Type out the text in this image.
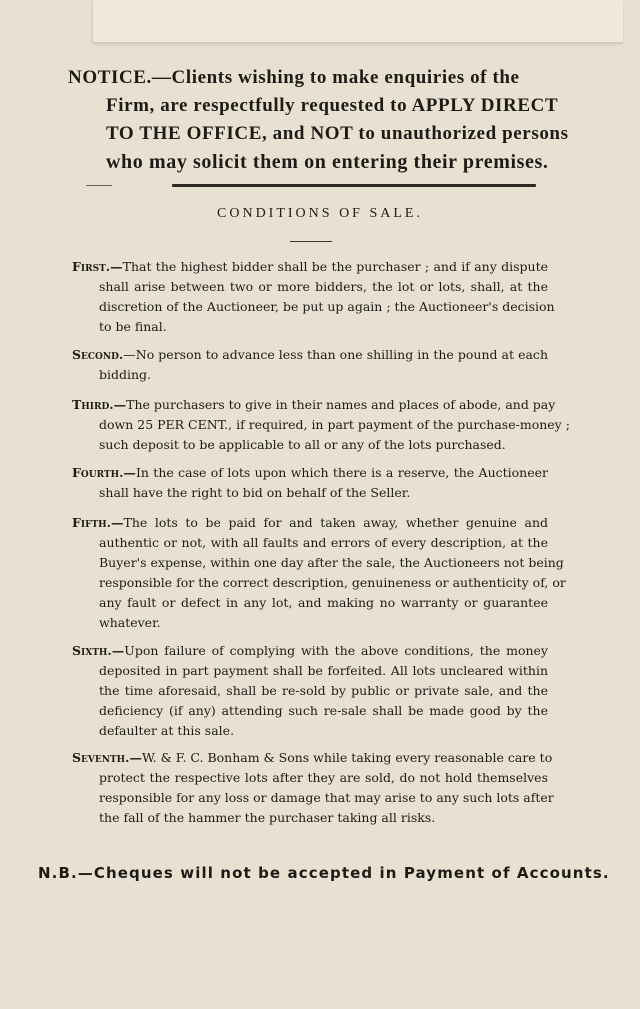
NOTICE.—Clients wishing to make enquiries of the
Firm, are respectfully requested to APPLY DIRECT
TO THE OFFICE, and NOT to unauthorized persons
who may solicit them on entering their premises.
CONDITIONS OF SALE.
First.—That the highest bidder shall be the purchaser ; and if any dispute
shall arise between two or more bidders, the lot or lots, shall, at the
discretion of the Auctioneer, be put up again ; the Auctioneer's decision
to be final.
Second.—No person to advance less than one shilling in the pound at each
bidding.
Third.—The purchasers to give in their names and places of abode, and pay
down 25 PER CENT., if required, in part payment of the purchase-money ;
such deposit to be applicable to all or any of the lots purchased.
Fourth.—In the case of lots upon which there is a reserve, the Auctioneer
shall have the right to bid on behalf of the Seller.
Fifth.—The lots to be paid for and taken away, whether genuine and
authentic or not, with all faults and errors of every description, at the
Buyer's expense, within one day after the sale, the Auctioneers not being
responsible for the correct description, genuineness or authenticity of, or
any fault or defect in any lot, and making no warranty or guarantee
whatever.
Sixth.—Upon failure of complying with the above conditions, the money
deposited in part payment shall be forfeited. All lots uncleared within
the time aforesaid, shall be re-sold by public or private sale, and the
deficiency (if any) attending such re-sale shall be made good by the
defaulter at this sale.
Seventh.—W. & F. C. Bonham & Sons while taking every reasonable care to
protect the respective lots after they are sold, do not hold themselves
responsible for any loss or damage that may arise to any such lots after
the fall of the hammer the purchaser taking all risks.
N.B.—Cheques will not be accepted in Payment of Accounts.
